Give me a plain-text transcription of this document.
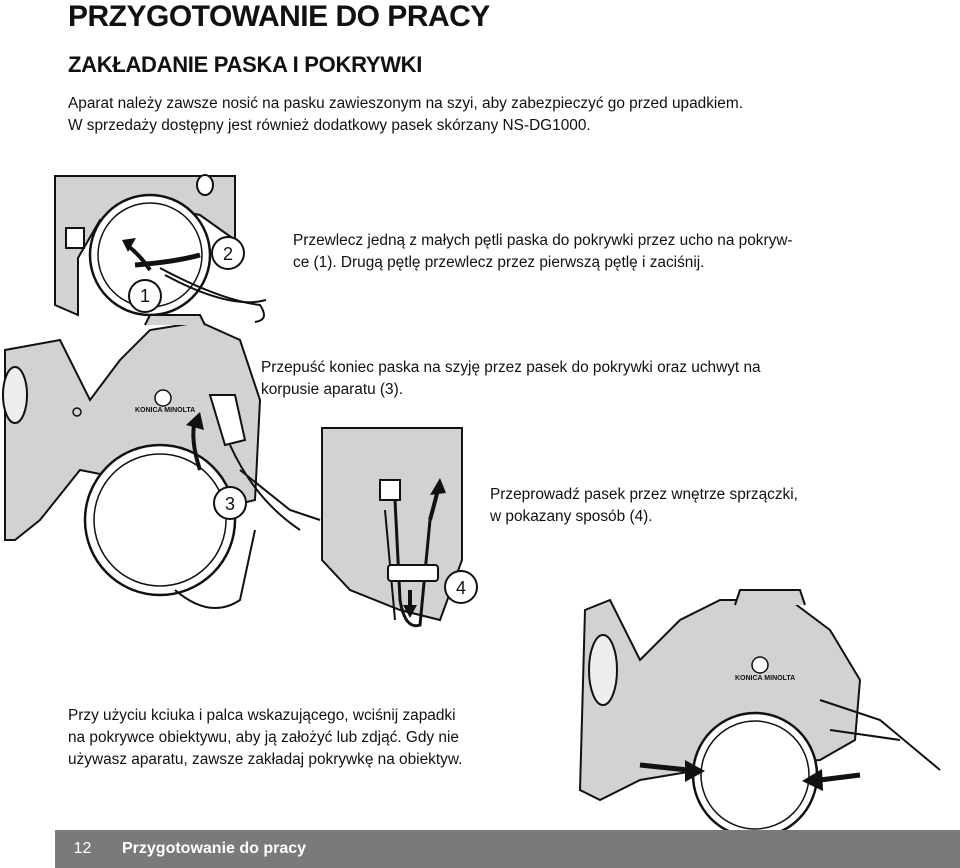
PRZYGOTOWANIE DO PRACY
ZAKŁADANIE PASKA I POKRYWKI
Aparat należy zawsze nosić na pasku zawieszonym na szyi, aby zabezpieczyć go przed upadkiem.
W sprzedaży dostępny jest również dodatkowy pasek skórzany NS-DG1000.
KONICA MINOLTA
KONICA MINOLTA
1
2
3
4
Przewlecz jedną z małych pętli paska do pokrywki przez ucho na pokryw-
ce (1). Drugą pętlę przewlecz przez pierwszą pętlę i zaciśnij.
Przepuść koniec paska na szyję przez pasek do pokrywki oraz uchwyt na
korpusie aparatu (3).
Przeprowadź pasek przez wnętrze sprzączki,
w pokazany sposób (4).
Przy użyciu kciuka i palca wskazującego, wciśnij zapadki
na pokrywce obiektywu, aby ją założyć lub zdjąć. Gdy nie
używasz aparatu, zawsze zakładaj pokrywkę na obiektyw.
12	Przygotowanie do pracy
